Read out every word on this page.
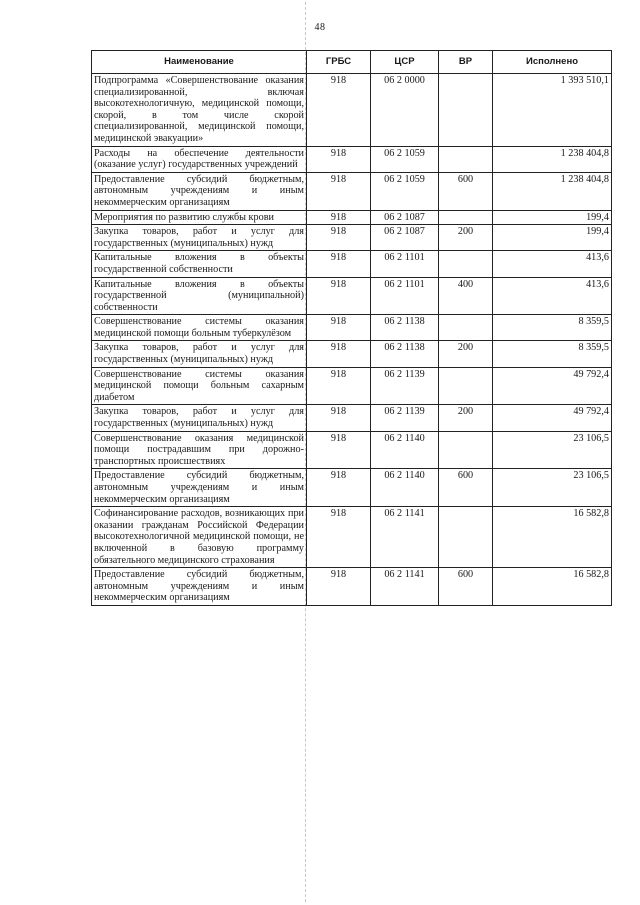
48
Наименование	ГРБС	ЦСР	ВР	Исполнено
Подпрограмма «Совершенствование оказания специализированной, включая высокотехнологичную, медицинской помощи, скорой, в том числе скорой специализированной, медицинской помощи, медицинской эвакуации»	918	06 2 0000		1 393 510,1
Расходы на обеспечение деятельности (оказание услуг) государственных учреждений	918	06 2 1059		1 238 404,8
Предоставление субсидий бюджетным, автономным учреждениям и иным некоммерческим организациям	918	06 2 1059	600	1 238 404,8
Мероприятия по развитию службы крови	918	06 2 1087		199,4
Закупка товаров, работ и услуг для государственных (муниципальных) нужд	918	06 2 1087	200	199,4
Капитальные вложения в объекты государственной собственности	918	06 2 1101		413,6
Капитальные вложения в объекты государственной (муниципальной) собственности	918	06 2 1101	400	413,6
Совершенствование системы оказания медицинской помощи больным туберкулёзом	918	06 2 1138		8 359,5
Закупка товаров, работ и услуг для государственных (муниципальных) нужд	918	06 2 1138	200	8 359,5
Совершенствование системы оказания медицинской помощи больным сахарным диабетом	918	06 2 1139		49 792,4
Закупка товаров, работ и услуг для государственных (муниципальных) нужд	918	06 2 1139	200	49 792,4
Совершенствование оказания медицинской помощи пострадавшим при дорожно-транспортных происшествиях	918	06 2 1140		23 106,5
Предоставление субсидий бюджетным, автономным учреждениям и иным некоммерческим организациям	918	06 2 1140	600	23 106,5
Софинансирование расходов, возникающих при оказании гражданам Российской Федерации высокотехнологичной медицинской помощи, не включенной в базовую программу обязательного медицинского страхования	918	06 2 1141		16 582,8
Предоставление субсидий бюджетным, автономным учреждениям и иным некоммерческим организациям	918	06 2 1141	600	16 582,8
